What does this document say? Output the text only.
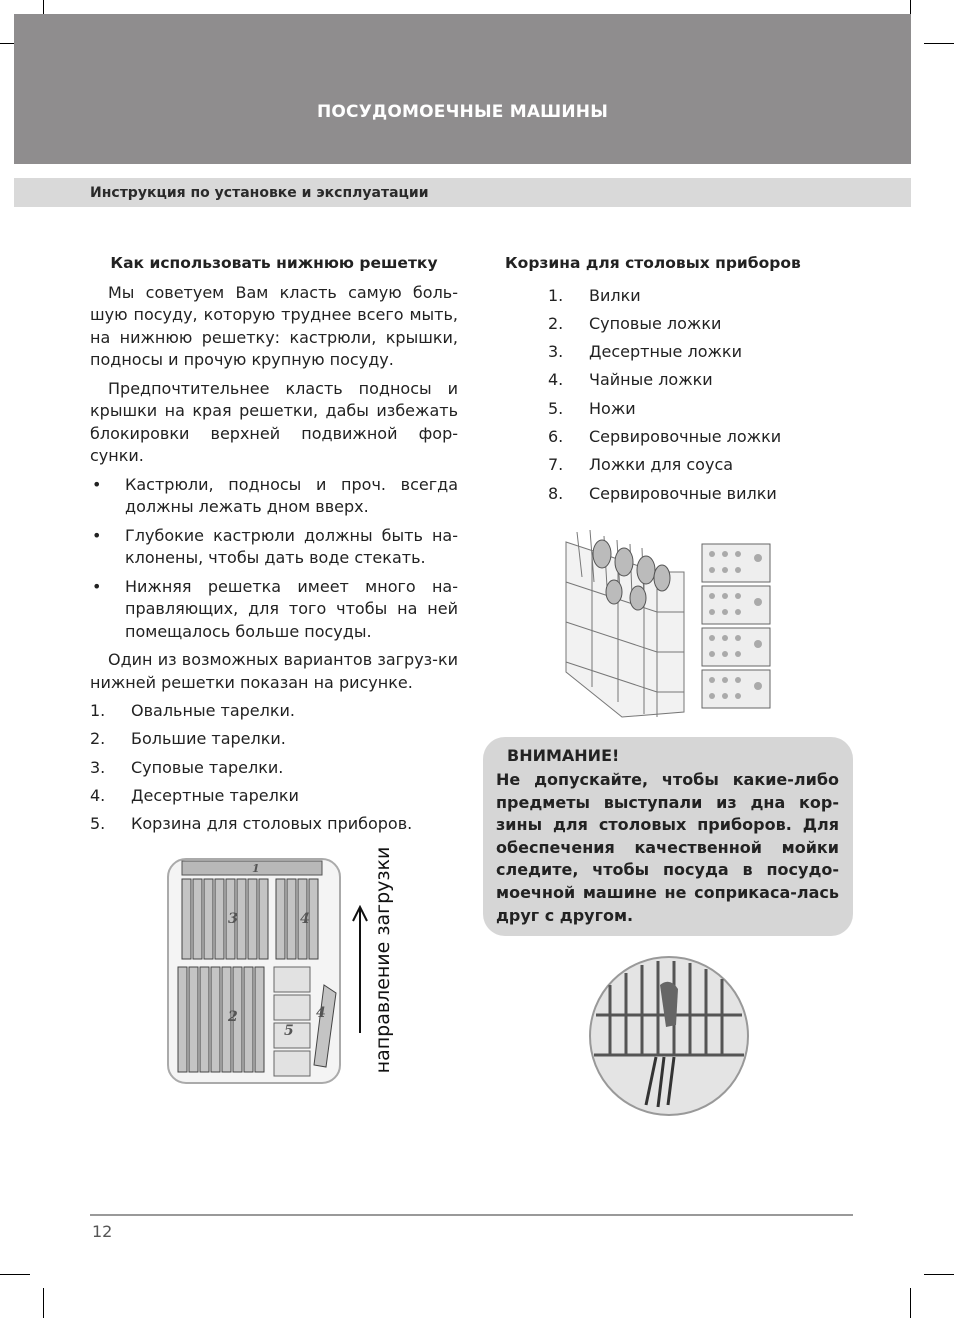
ПОСУДОМОЕЧНЫЕ МАШИНЫ
Инструкция по установке и эксплуатации
Как использовать нижнюю решетку

Мы советуем Вам класть самую боль-шую посуду, которую труднее всего мыть, на нижнюю решетку: кастрюли, крышки, подносы и прочую крупную посуду.

Предпочтительнее класть подносы и крышки на края решетки, дабы избежать блокировки верхней подвижной фор-сунки.

• Кастрюли, подносы и проч. всегда должны лежать дном вверх.
• Глубокие кастрюли должны быть на-клонены, чтобы дать воде стекать.
• Нижняя решетка имеет много на-правляющих, для того чтобы на ней помещалось больше посуды.

Один из возможных вариантов загруз-ки нижней решетки показан на рисунке.

1. Овальные тарелки.
2. Большие тарелки.
3. Суповые тарелки.
4. Десертные тарелки
5. Корзина для столовых приборов.
1
3	4
2
5
4 направление загрузки
Корзина для столовых приборов
1. Вилки
2. Суповые ложки
3. Десертные ложки
4. Чайные ложки
5. Ножи
6. Сервировочные ложки
7. Ложки для соуса
8. Сервировочные вилки
ВНИМАНИЕ!
Не допускайте, чтобы какие-либо предметы выступали из дна кор-зины для столовых приборов. Для обеспечения качественной мойки следите, чтобы посуда в посудо-моечной машине не соприкаса-лась друг с другом.
12
